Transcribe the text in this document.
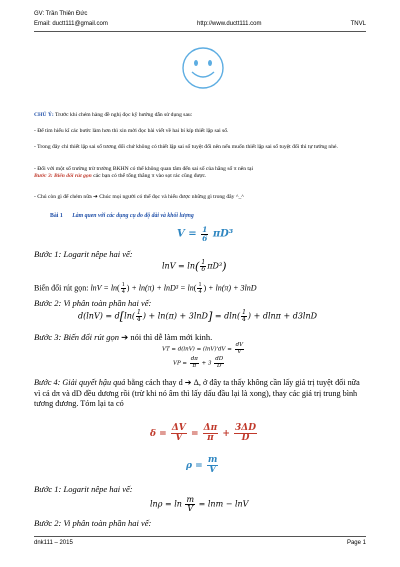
GV: Trần Thiên Đức
Email: ductt111@gmail.com	http://www.ductt111.com	TNVL
CHÚ Ý: Trước khi chém hàng đề nghị đọc kỹ hướng dẫn sử dụng sau:
- Để tìm hiểu kĩ các bước làm hơn thì xin mời đọc bài viết về hai bí kíp thiết lập sai số.
- Trong đây chỉ thiết lập sai số tương đối chứ không có thiết lập sai số tuyệt đối nên nếu muốn thiết lập sai số tuyệt đối thì tự tưởng nhé.
- Đối với một số trường trừ trường BKHN có thể không quan tâm đến sai số của hằng số π nên tại
Bước 3: Biến đổi rút gọn các bạn có thể tổng thằng π vào sọt rác cũng được.
- Chú còn gì để chém nữa ➔ Chúc mọi người có thể đọc và hiểu được những gì trong đây ^_^
Bài 1 Làm quen với các dụng cụ đo độ dài và khối lượng
$V = \frac{1}{6} \pi D^3$
Bước 1: Logarit nêpe hai vế:
$\ln V = \ln( \frac{1}{6} \pi D^3)$
Biến đổi rút gọn: $\ln V = \ln( \frac{1}{4}$ ) + $\ln(\pi) + \ln D^3 = \ln( \frac{1}{4}$ ) + ln(π) + 3lnD
Bước 2: Vi phân toàn phần hai vế:
$d(\ln V) = d[\ln( \frac{1}{4}$ ) + $\ln(\pi) + 3\ln D] = dln( \frac{1}{4}$ ) + dlnπ + d3lnD
Bước 3: Biến đổi rút gọn ➔ nói thì dễ làm mới kinh.
VT = $d(\ln V) = (\ln V)'dV = \frac{dV}{V}$
VP = $\frac{d\pi}{\pi} + 3 \frac{dD}{D}$
Bước 4: Giải quyết hậu quả bằng cách thay d ➔ Δ, ở đây ta thấy không cần lấy giá trị tuyệt đối nữa vì cả dπ và dD đều dương rồi (trừ khi nó âm thì lấy dấu đầu lại là xong), thay các giá trị trung bình tương đương. Tóm lại ta có
$\delta = \frac{\Delta V}{V} = \frac{\Delta\pi}{\pi} + \frac{3\Delta D}{D}$
$\rho = \frac{m}{V}$
Bước 1: Logarit nêpe hai vế:
$\ln\rho = \ln \frac{m}{V} = \ln m - \ln V$
Bước 2: Vi phân toàn phần hai vế:
dnk111 – 2015	Page 1
